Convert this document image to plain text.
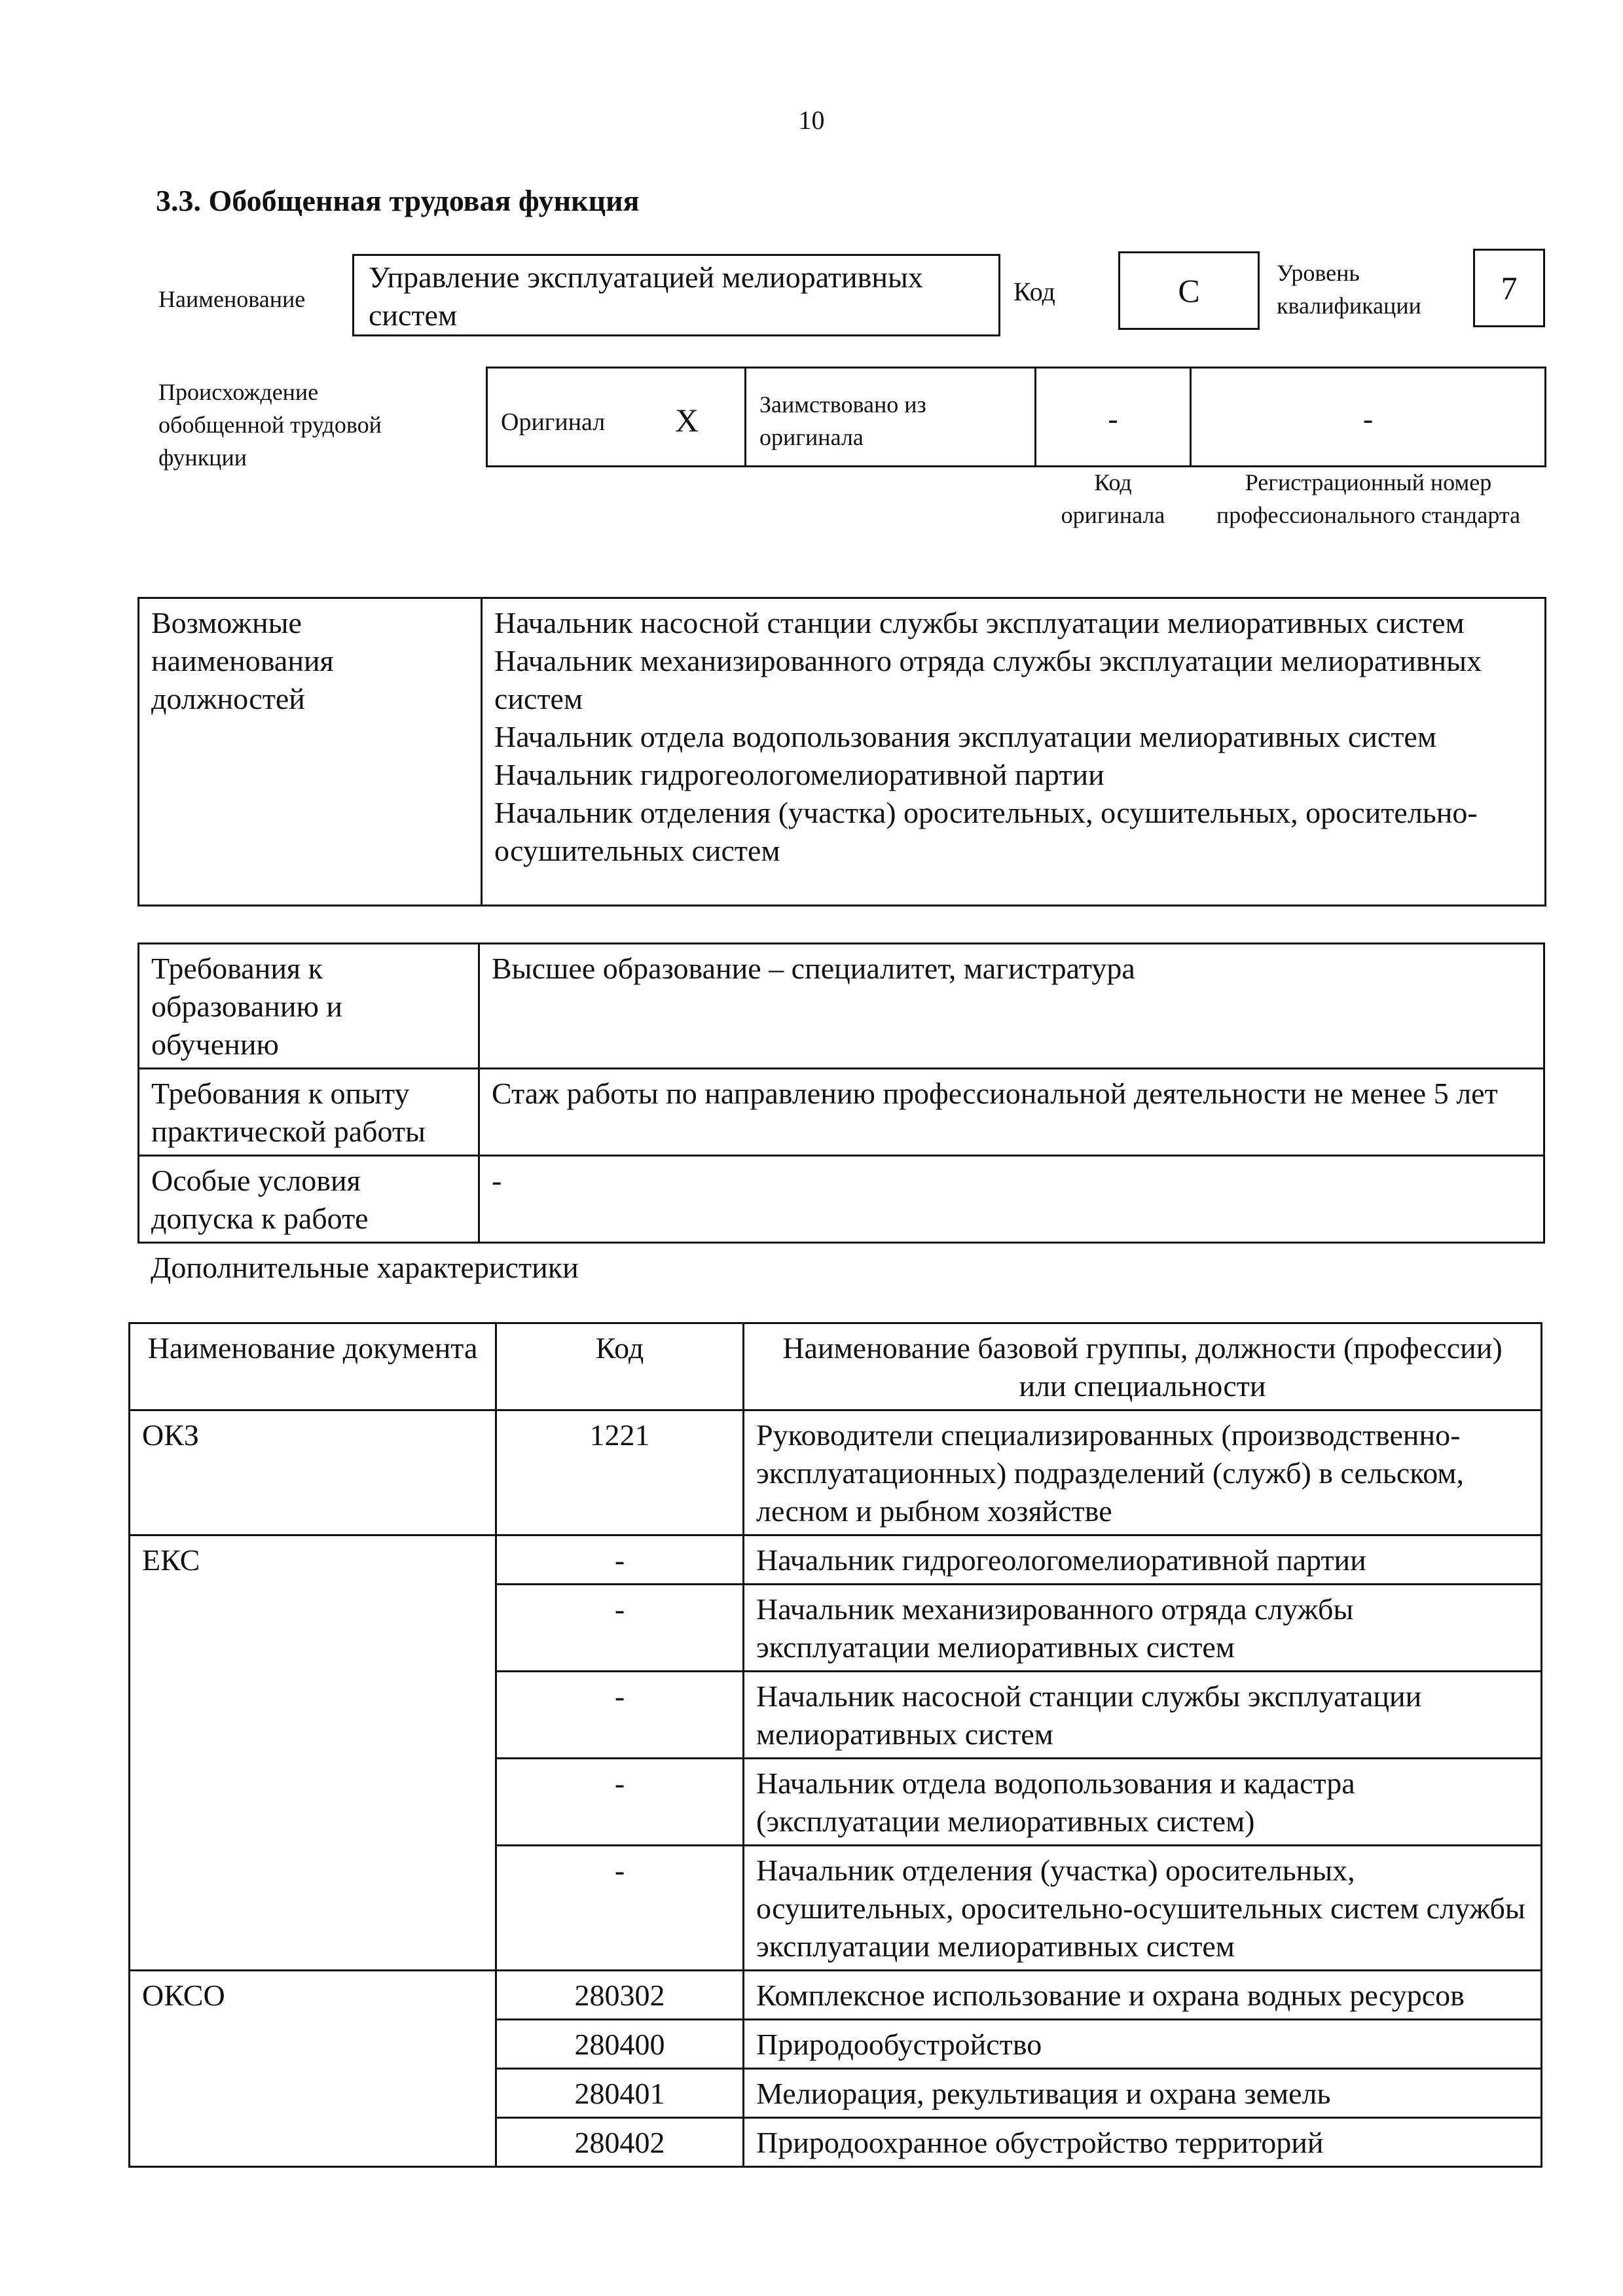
10
3.3. Обобщенная трудовая функция
Наименование
Управление эксплуатацией мелиоративных систем
Код	C	Уровень квалификации	7
Происхождение обобщенной трудовой функции
Оригинал X	Заимствовано из оригинала
-	-
Код оригинала
Регистрационный номер профессионального стандарта
Возможные наименования должностей	
Начальник насосной станции службы эксплуатации мелиоративных систем
Начальник механизированного отряда службы эксплуатации мелиоративных систем
Начальник отдела водопользования эксплуатации мелиоративных систем
Начальник гидрогеологомелиоративной партии
Начальник отделения (участка) оросительных, осушительных, оросительно-осушительных систем
Требования к образованию и обучению	Высшее образование – специалитет, магистратура
Требования к опыту практической работы	Стаж работы по направлению профессиональной деятельности не менее 5 лет
Особые условия допуска к работе	-
Дополнительные характеристики
Наименование документа	Код	Наименование базовой группы, должности (профессии) или специальности
ОКЗ	1221	Руководители специализированных (производственно-эксплуатационных) подразделений (служб) в сельском, лесном и рыбном хозяйстве
ЕКС	-	Начальник гидрогеологомелиоративной партии
	-	Начальник механизированного отряда службы эксплуатации мелиоративных систем
	-	Начальник насосной станции службы эксплуатации мелиоративных систем
	-	Начальник отдела водопользования и кадастра (эксплуатации мелиоративных систем)
	-	Начальник отделения (участка) оросительных, осушительных, оросительно-осушительных систем службы эксплуатации мелиоративных систем
ОКСО	280302	Комплексное использование и охрана водных ресурсов
	280400	Природообустройство
	280401	Мелиорация, рекультивация и охрана земель
	280402	Природоохранное обустройство территорий
